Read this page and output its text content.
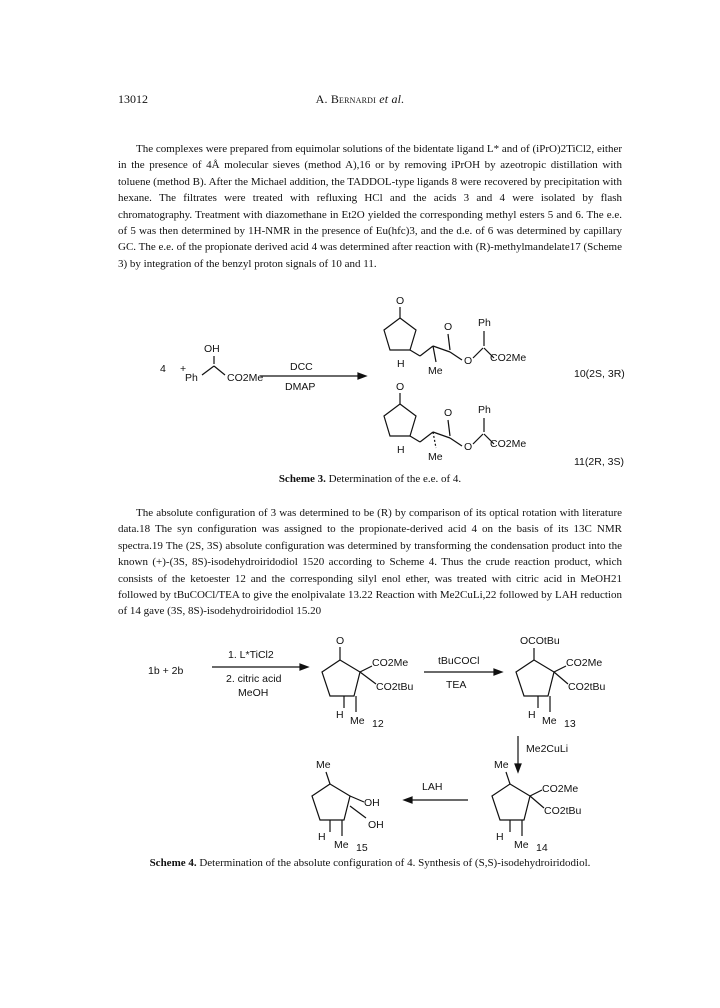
13012	A. Bernardi et al.
The complexes were prepared from equimolar solutions of the bidentate ligand L* and of (iPrO)2TiCl2, either in the presence of 4Å molecular sieves (method A),16 or by removing iPrOH by azeotropic distillation with toluene (method B). After the Michael addition, the TADDOL-type ligands 8 were recovered by precipitation with hexane. The filtrates were treated with refluxing HCl and the acids 3 and 4 were isolated by flash chromatography. Treatment with diazomethane in Et2O yielded the corresponding methyl esters 5 and 6. The e.e. of 5 was then determined by 1H-NMR in the presence of Eu(hfc)3, and the d.e. of 6 was determined by capillary GC. The e.e. of the propionate derived acid 4 was determined after reaction with (R)-methylmandelate17 (Scheme 3) by integration of the benzyl proton signals of 10 and 11.
4 +
OH
Ph	CO2Me
DCC
DMAP
O
H
Me
O
O
Ph
CO2Me
10(2S, 3R)
O
H
Me
O
O
Ph
CO2Me
11(2R, 3S)
Scheme 3. Determination of the e.e. of 4.
The absolute configuration of 3 was determined to be (R) by comparison of its optical rotation with literature data.18 The syn configuration was assigned to the propionate-derived acid 4 on the basis of its 13C NMR spectra.19 The (2S, 3S) absolute configuration was determined by transforming the condensation product into the known (+)-(3S, 8S)-isodehydroiridodiol 1520 according to Scheme 4. Thus the crude reaction product, which consists of the ketoester 12 and the corresponding silyl enol ether, was treated with citric acid in MeOH21 followed by tBuCOCl/TEA to give the enolpivalate 13.22 Reaction with Me2CuLi,22 followed by LAH reduction of 14 gave (3S, 8S)-isodehydroiridodiol 15.20
1b + 2b
1. L*TiCl2
2. citric acid
MeOH
O
CO2Me
CO2tBu
H Me 12
tBuCOCl
TEA
OCOtBu
CO2Me
CO2tBu
H Me 13
Me2CuLi
Me
CO2Me
CO2tBu
H
Me 14
LAH
Me
OH
OH
H
Me 15
Scheme 4. Determination of the absolute configuration of 4. Synthesis of (S,S)-isodehydroiridodiol.
